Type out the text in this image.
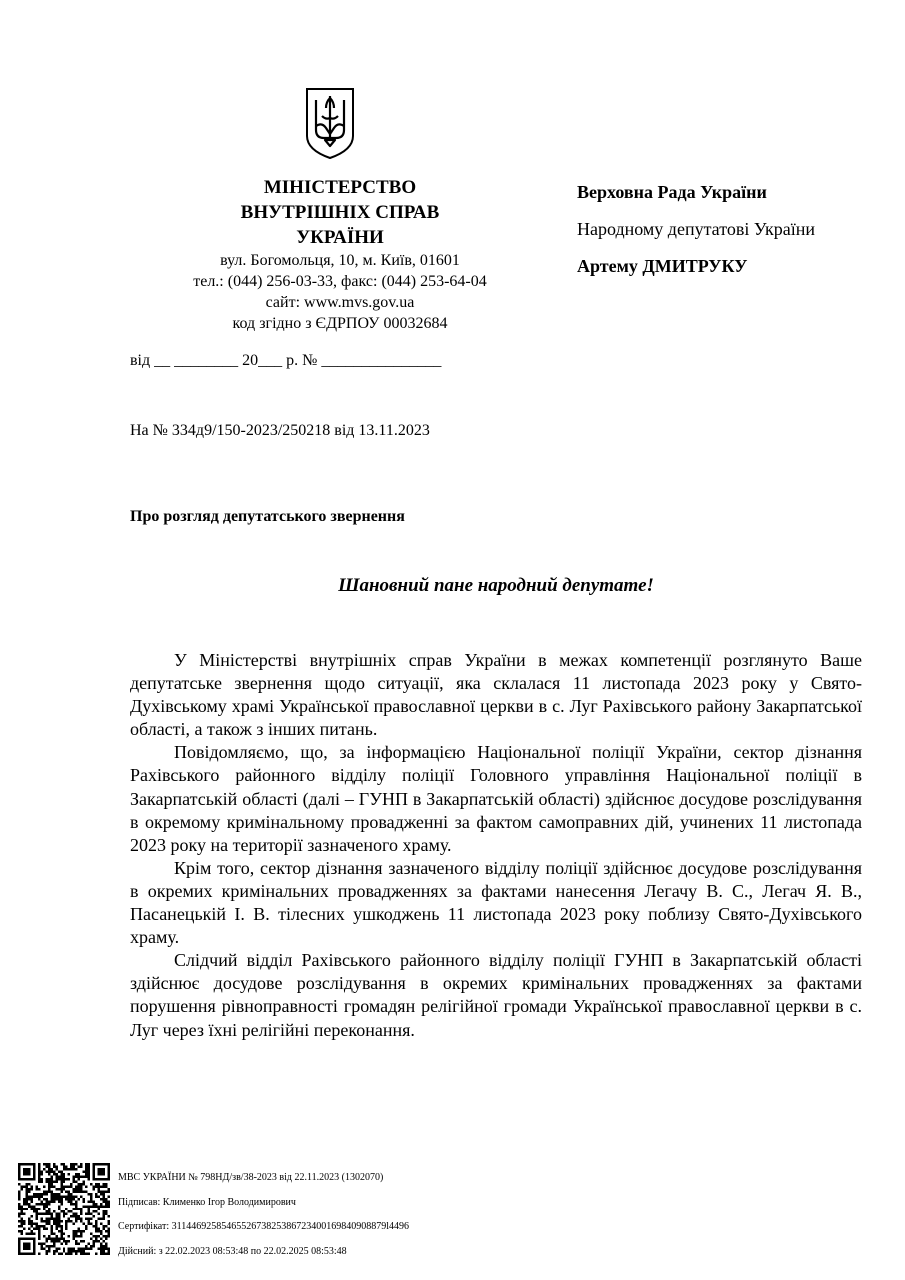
МІНІСТЕРСТВО
ВНУТРІШНІХ СПРАВ
УКРАЇНИ
вул. Богомольця, 10, м. Київ, 01601
тел.: (044) 256-03-33, факс: (044) 253-64-04
сайт: www.mvs.gov.ua
код згідно з ЄДРПОУ 00032684
Верховна Рада України
Народному депутатові України
Артему ДМИТРУКУ
від __ ________ 20___ р. № _______________
На № 334д9/150-2023/250218 від 13.11.2023
Про розгляд депутатського звернення
Шановний пане народний депутате!

У Міністерстві внутрішніх справ України в межах компетенції розглянуто Ваше депутатське звернення щодо ситуації, яка склалася 11 листопада 2023 року у Свято-Духівському храмі Української православної церкви в с. Луг Рахівського району Закарпатської області, а також з інших питань.

Повідомляємо, що, за інформацією Національної поліції України, сектор дізнання Рахівського районного відділу поліції Головного управління Національної поліції в Закарпатській області (далі – ГУНП в Закарпатській області) здійснює досудове розслідування в окремому кримінальному провадженні за фактом самоправних дій, учинених 11 листопада 2023 року на території зазначеного храму.

Крім того, сектор дізнання зазначеного відділу поліції здійснює досудове розслідування в окремих кримінальних провадженнях за фактами нанесення Легачу В. С., Легач Я. В., Пасанецькій І. В. тілесних ушкоджень 11 листопада 2023 року поблизу Свято-Духівського храму.

Слідчий відділ Рахівського районного відділу поліції ГУНП в Закарпатській області здійснює досудове розслідування в окремих кримінальних провадженнях за фактами порушення рівноправності громадян релігійної громади Української православної церкви в с. Луг через їхні релігійні переконання.

МВС УКРАЇНИ № 798НД/зв/38-2023 від 22.11.2023 (1302070)
Підписав: Клименко Ігор Володимирович
Сертифікат: 3114469258546552673825386723400169840908879l4496
Дійсний: з 22.02.2023 08:53:48 по 22.02.2025 08:53:48
